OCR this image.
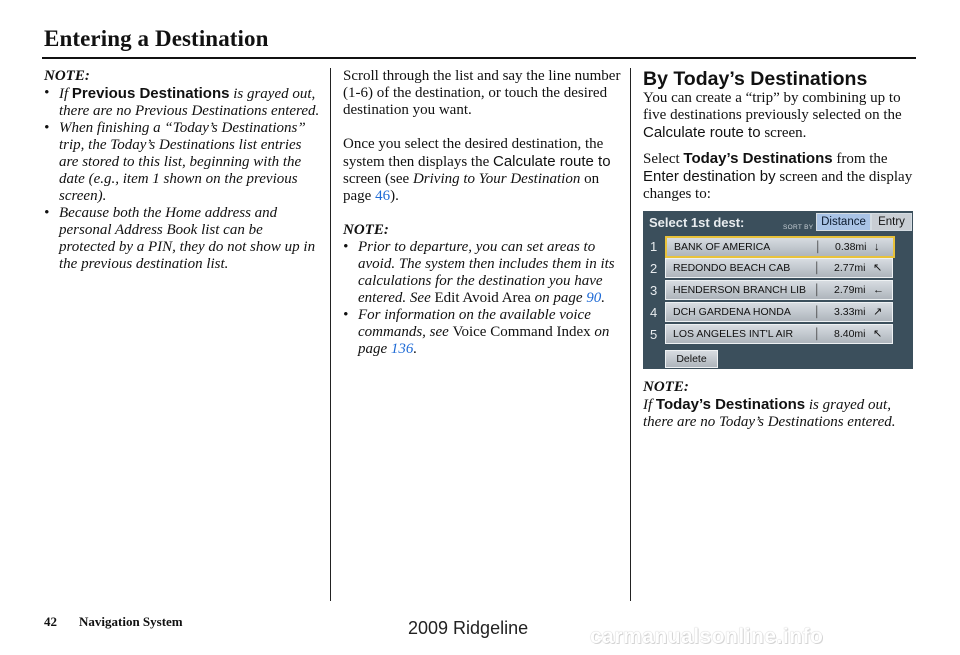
Entering a Destination

NOTE:

• If Previous Destinations is grayed out, there are no Previous Destinations entered.
• When finishing a “Today’s Destinations” trip, the Today’s Destinations list entries are stored to this list, beginning with the date (e.g., item 1 shown on the previous screen).
• Because both the Home address and personal Address Book list can be protected by a PIN, they do not show up in the previous destination list.

Scroll through the list and say the line number (1-6) of the destination, or touch the desired destination you want.

Once you select the desired destination, the system then displays the Calculate route to screen (see Driving to Your Destination on page 46).

NOTE:

• Prior to departure, you can set areas to avoid. The system then includes them in its calculations for the destination you have entered. See Edit Avoid Area on page 90.
• For information on the available voice commands, see Voice Command Index on page 136.

By Today’s Destinations

You can create a “trip” by combining up to five destinations previously selected on the Calculate route to screen.

Select Today’s Destinations from the Enter destination by screen and the display changes to:

Select 1st dest:	SORT BY Distance	Entry
1 BANK OF AMERICA	│ 0.38mi ↓
2 REDONDO BEACH CAB │ 2.77mi ↖
3 HENDERSON BRANCH LIB │ 2.79mi ←
4 DCH GARDENA HONDA │ 3.33mi ↗
5 LOS ANGELES INT'L AIR │ 8.40mi ↖
Delete

NOTE:

If Today’s Destinations is grayed out, there are no Today’s Destinations entered.

42 Navigation System	2009 Ridgeline	carmanualsonline.info
